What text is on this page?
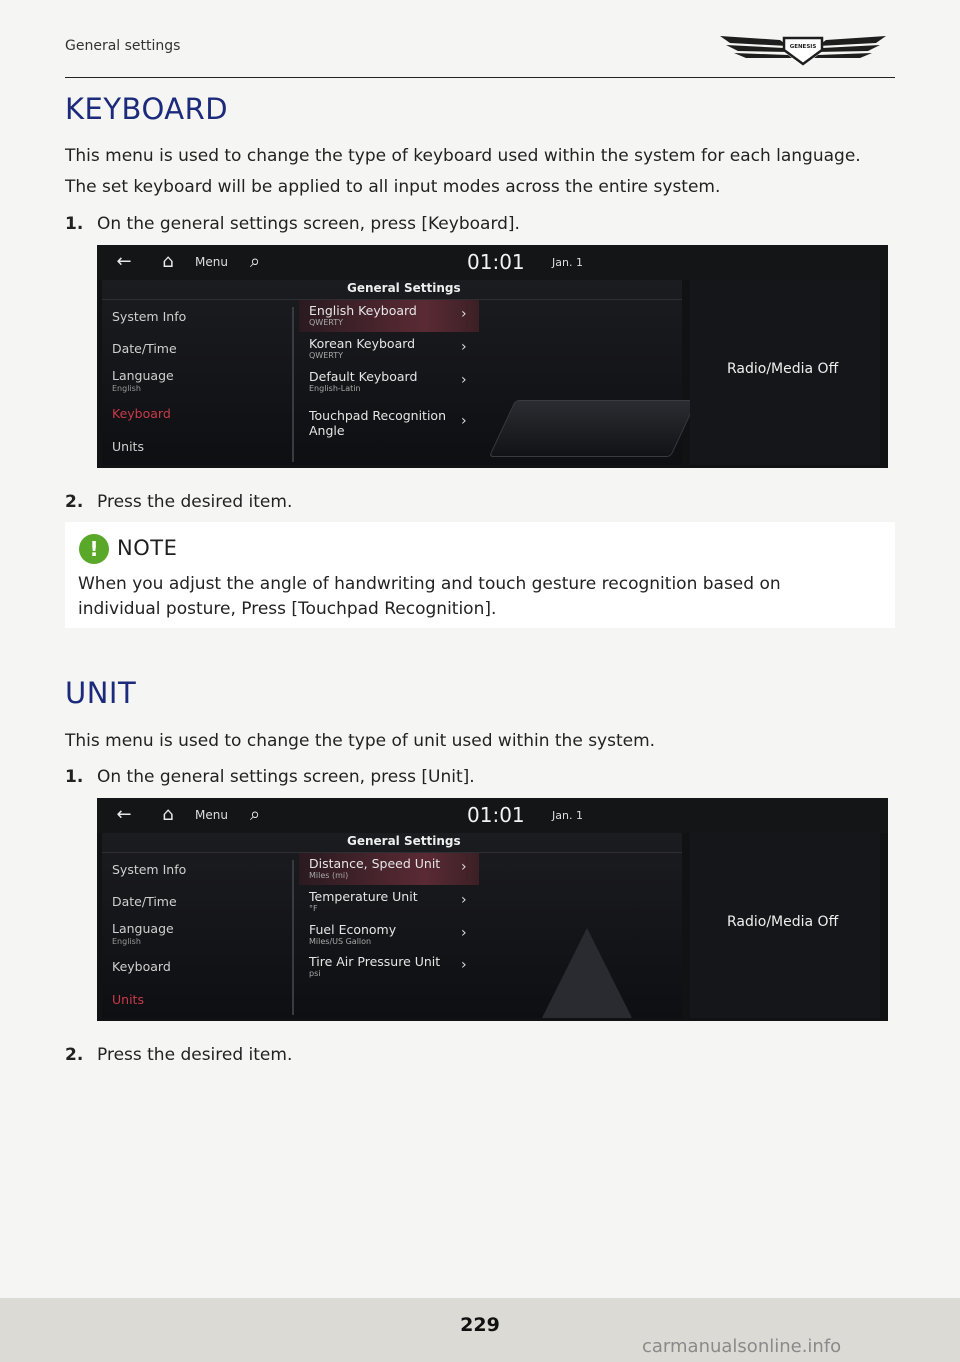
General settings	GENESIS
KEYBOARD
This menu is used to change the type of keyboard used within the system for each language.
The set keyboard will be applied to all input modes across the entire system.
1. On the general settings screen, press [Keyboard].
← ⌂	Menu	⌕	01:01 Jan. 1
General Settings
System Info
Date/Time
Language
English
Keyboard
Units
English Keyboard
QWERTY
›
Korean Keyboard
QWERTY
›
Default Keyboard
English-Latin
›
Touchpad Recognition
Angle
›
Radio/Media Off
2. Press the desired item.
! NOTE
When you adjust the angle of handwriting and touch gesture recognition based on individual posture, Press [Touchpad Recognition].
UNIT
This menu is used to change the type of unit used within the system.
1. On the general settings screen, press [Unit].
← ⌂	Menu	⌕	01:01 Jan. 1
General Settings
System Info
Date/Time
Language
English
Keyboard
Units
Distance, Speed Unit
Miles (mi)
›
Temperature Unit
°F
›
Fuel Economy
Miles/US Gallon
›
Tire Air Pressure Unit
psi
›
Radio/Media Off
2. Press the desired item.
229
carmanualsonline.info
